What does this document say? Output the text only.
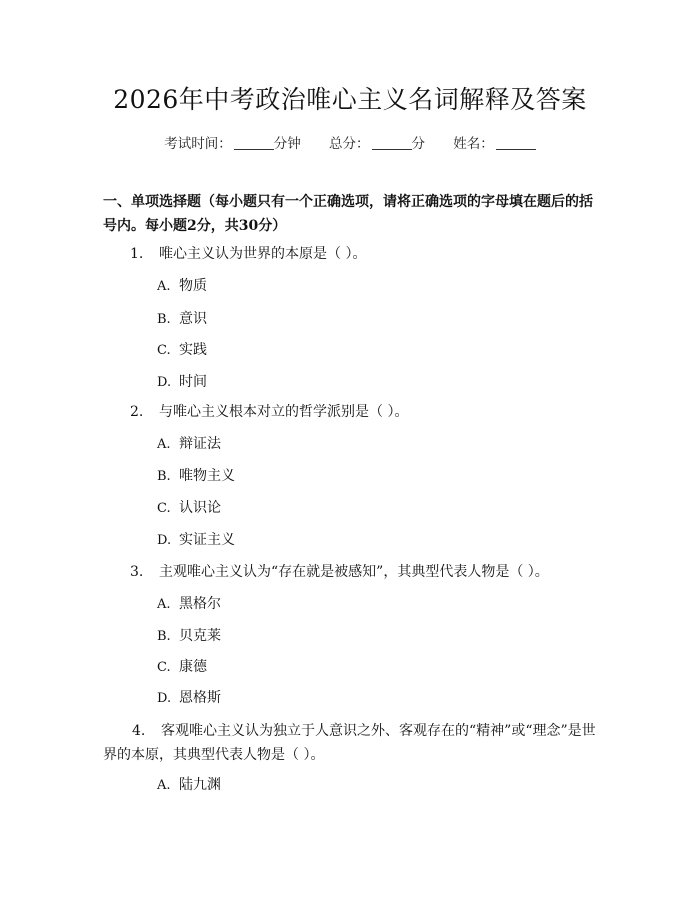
2026年中考政治唯心主义名词解释及答案
考试时间：	分钟 总分：	分 姓名：
一、单项选择题（每小题只有一个正确选项，请将正确选项的字母填在题后的括号内。每小题2分，共30分）
1. 唯心主义认为世界的本原是（ ）。
A. 物质
B. 意识
C. 实践
D. 时间
2. 与唯心主义根本对立的哲学派别是（ ）。
A. 辩证法
B. 唯物主义
C. 认识论
D. 实证主义
3. 主观唯心主义认为“存在就是被感知”，其典型代表人物是（ ）。
A. 黑格尔
B. 贝克莱
C. 康德
D. 恩格斯
4. 客观唯心主义认为独立于人意识之外、客观存在的“精神”或“理念”是世界的本原，其典型代表人物是（ ）。
A. 陆九渊
